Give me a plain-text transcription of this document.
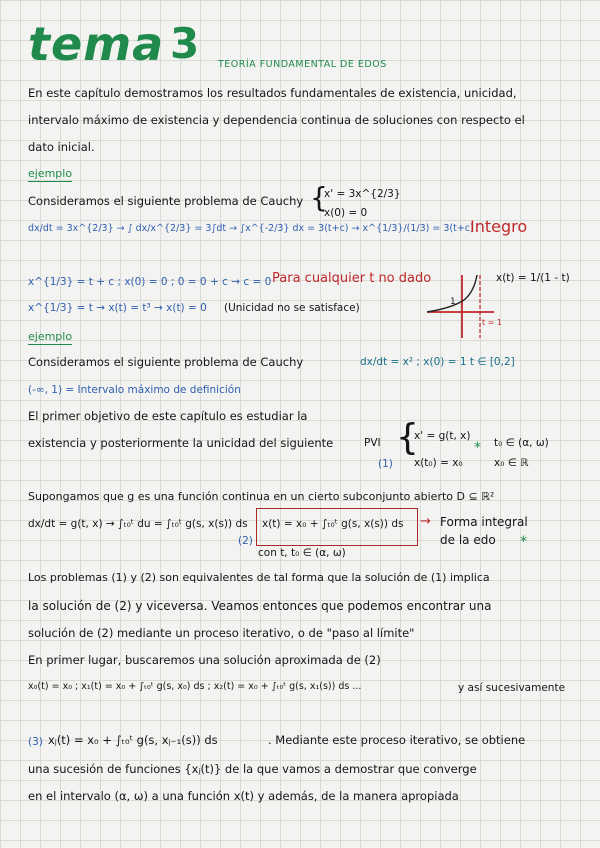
tema 3 TEORÍA FUNDAMENTAL DE EDOS
En este capítulo demostramos los resultados fundamentales de existencia, unicidad,
intervalo máximo de existencia y dependencia continua de soluciones con respecto el
dato inicial.
ejemplo
Consideramos el siguiente problema de Cauchy {
x' = 3x^{2/3}
x(0) = 0
dx/dt = 3x^{2/3} → ∫ dx/x^{2/3} = 3∫dt → ∫x^{-2/3} dx = 3(t+c) → x^{1/3}/(1/3) = 3(t+c)
Integro
x^{1/3} = t + c ; x(0) = 0 ; 0 = 0 + c → c = 0 Para cualquier t no dado
x^{1/3} = t → x(t) = t³ → x(t) = 0 (Unicidad no se satisface)	1
t = 1
x(t) = 1/(1 - t)
ejemplo
Consideramos el siguiente problema de Cauchy	dx/dt = x² ; x(0) = 1 t ∈ [0,2]
(-∞, 1) = Intervalo máximo de definición
El primer objetivo de este capítulo es estudiar la
existencia y posteriormente la unicidad del siguiente	PVI
(1)
{
x' = g(t, x)
x(t₀) = x₀
* t₀ ∈ (α, ω)
x₀ ∈ ℝ
Supongamos que g es una función continua en un cierto subconjunto abierto D ⊆ ℝ²
dx/dt = g(t, x) → ∫ₜ₀ᵗ du = ∫ₜ₀ᵗ g(s, x(s)) ds
(2)
x(t) = x₀ + ∫ₜ₀ᵗ g(s, x(s)) ds
con t, t₀ ∈ (α, ω)
→ Forma integral
de la edo *
Los problemas (1) y (2) son equivalentes de tal forma que la solución de (1) implica
la solución de (2) y viceversa. Veamos entonces que podemos encontrar una
solución de (2) mediante un proceso iterativo, o de "paso al límite"
En primer lugar, buscaremos una solución aproximada de (2)
x₀(t) = x₀ ; x₁(t) = x₀ + ∫ₜ₀ᵗ g(s, x₀) ds ; x₂(t) = x₀ + ∫ₜ₀ᵗ g(s, x₁(s)) ds ...	y así sucesivamente
(3) xⱼ(t) = x₀ + ∫ₜ₀ᵗ g(s, xⱼ₋₁(s)) ds	. Mediante este proceso iterativo, se obtiene
una sucesión de funciones {xⱼ(t)} de la que vamos a demostrar que converge
en el intervalo (α, ω) a una función x(t) y además, de la manera apropiada
